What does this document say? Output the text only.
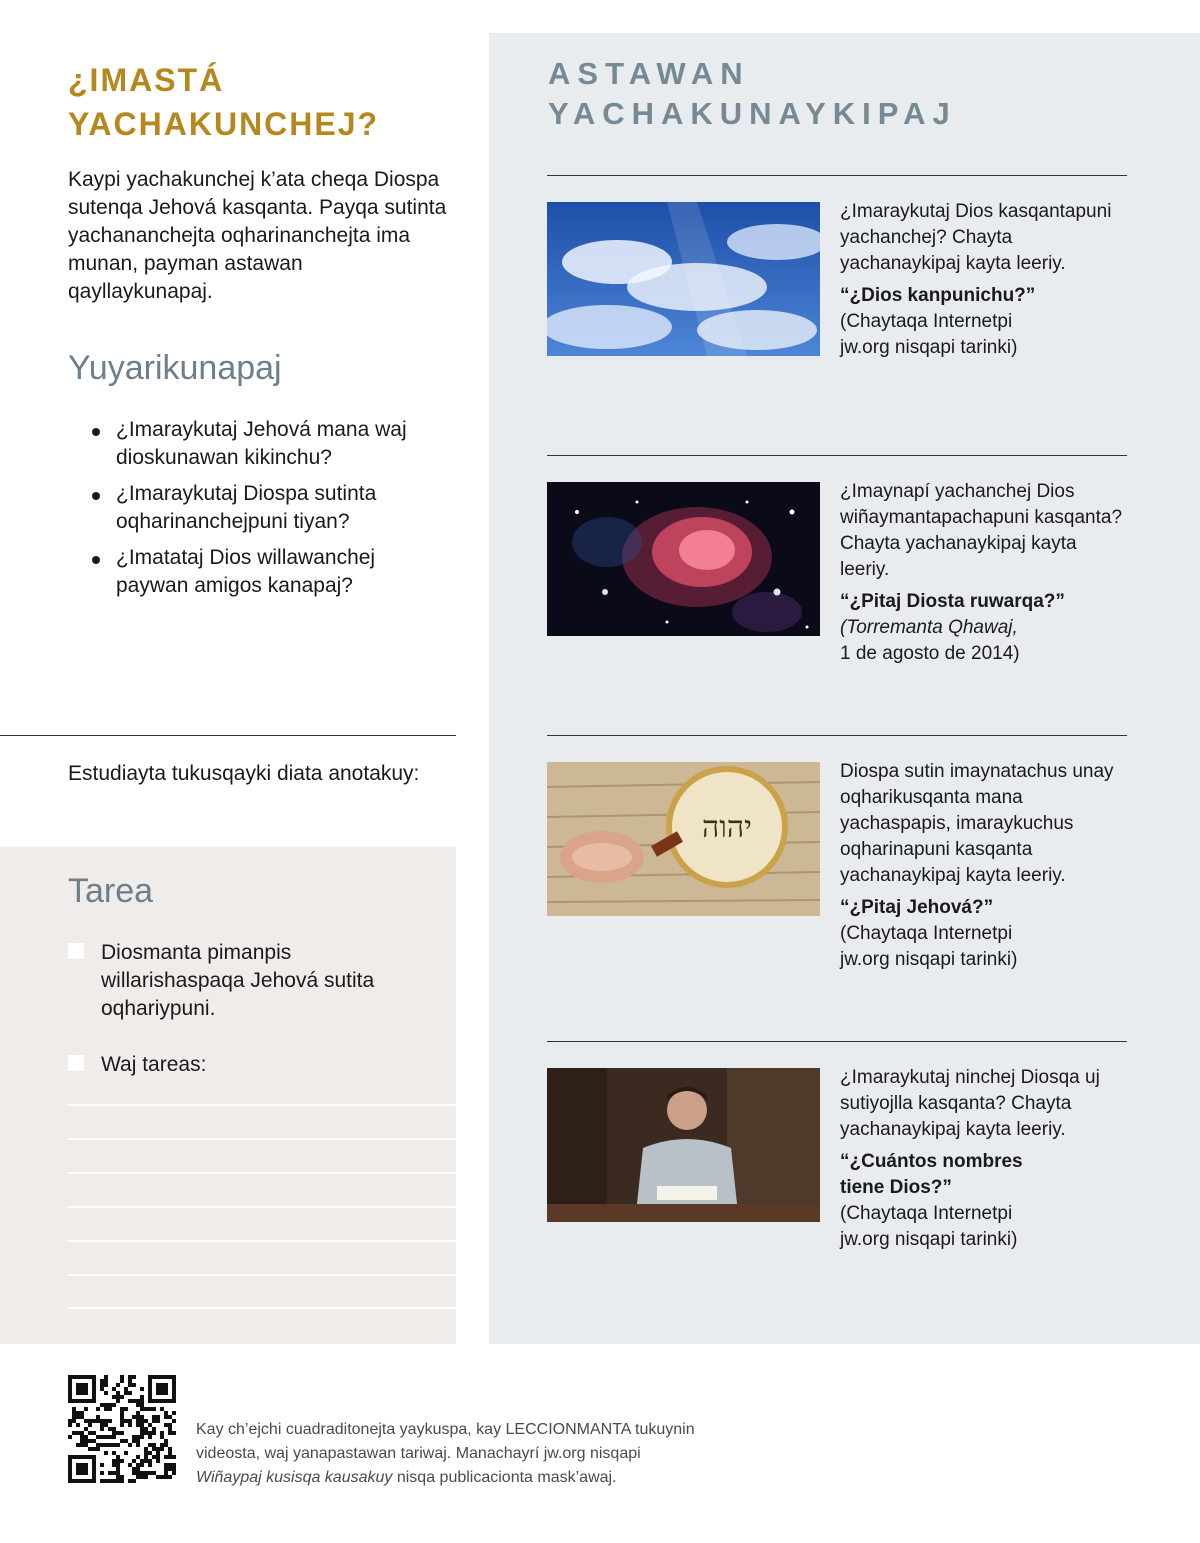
¿IMASTÁ
YACHAKUNCHEJ?

Kaypi yachakunchej k’ata cheqa Diospa sutenqa Jehová kasqanta. Payqa sutinta yachananchejta oqharinanchejta ima munan, payman astawan qayllaykunapaj.

Yuyarikunapaj
¿Imaraykutaj Jehová mana waj dioskunawan kikinchu?
¿Imaraykutaj Diospa sutinta oqharinanchejpuni tiyan?
¿Imatataj Dios willawanchej paywan amigos kanapaj?
Estudiayta tukusqayki diata anotakuy:
Tarea
Diosmanta pimanpis willarishaspaqa Jehová sutita oqhariypuni.
Waj tareas:
ASTAWAN
YACHAKUNAYKIPAJ
¿Imaraykutaj Dios kasqantapuni yachanchej? Chayta yachanaykipaj kayta leeriy.
“¿Dios kanpunichu?”
(Chaytaqa Internetpi
jw.org nisqapi tarinki)
¿Imaynapí yachanchej Dios wiñaymantapachapuni kasqanta? Chayta yachanaykipaj kayta leeriy.
“¿Pitaj Diosta ruwarqa?”
(Torremanta Qhawaj,
1 de agosto de 2014)
יהוה
Diospa sutin imaynatachus unay oqharikusqanta mana yachaspapis, imaraykuchus oqharinapuni kasqanta yachanaykipaj kayta leeriy.
“¿Pitaj Jehová?”
(Chaytaqa Internetpi
jw.org nisqapi tarinki)
¿Imaraykutaj ninchej Diosqa uj sutiyojlla kasqanta? Chayta yachanaykipaj kayta leeriy.
“¿Cuántos nombres tiene Dios?”
(Chaytaqa Internetpi
jw.org nisqapi tarinki)
Kay ch’ejchi cuadraditonejta yaykuspa, kay LECCIONMANTA tukuynin
videosta, waj yanapastawan tariwaj. Manachayrí jw.org nisqapi
Wiñaypaj kusisqa kausakuy nisqa publicacionta mask’awaj.
